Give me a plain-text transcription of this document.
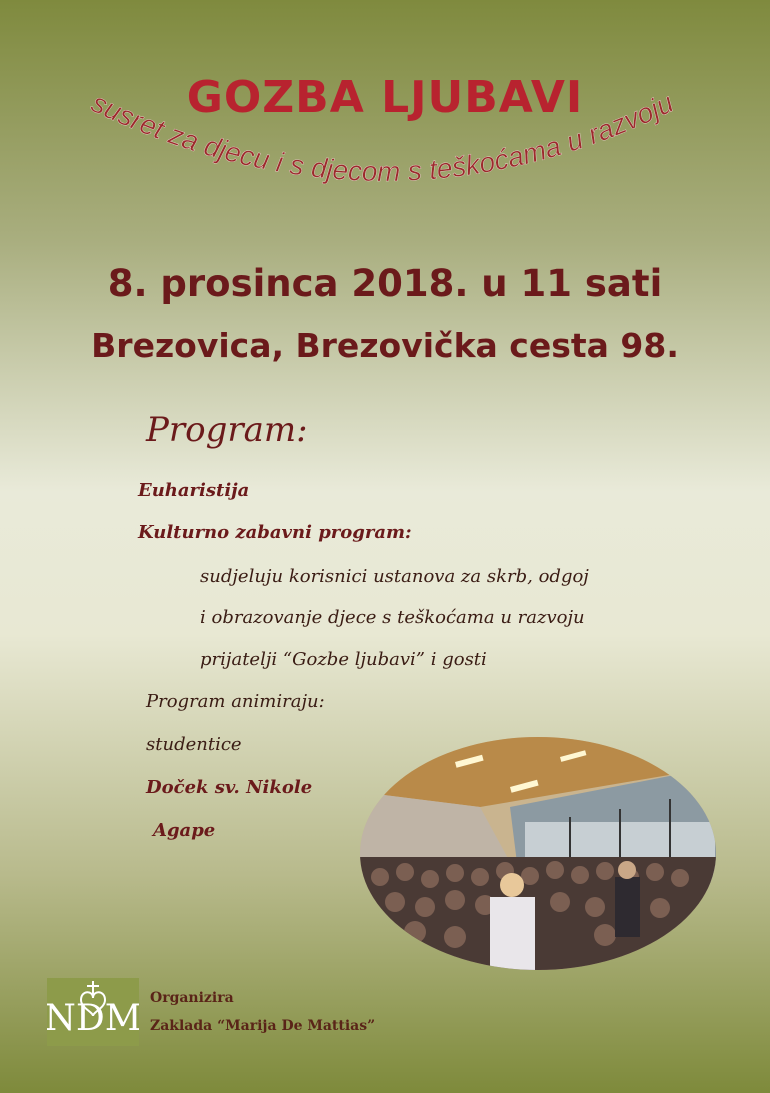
GOZBA LJUBAVI
susret za djecu i s djecom s teškoćama u razvoju
8. prosinca 2018. u 11 sati
Brezovica, Brezovička cesta 98.
Program:
Euharistija
Kulturno zabavni program:
sudjeluju korisnici ustanova za skrb, odgoj
i obrazovanje djece s teškoćama u razvoju
prijatelji “Gozbe ljubavi” i gosti
Program animiraju:
studentice
Doček sv. Nikole
Agape
NDM Organizira
Zaklada “Marija De Mattias”
